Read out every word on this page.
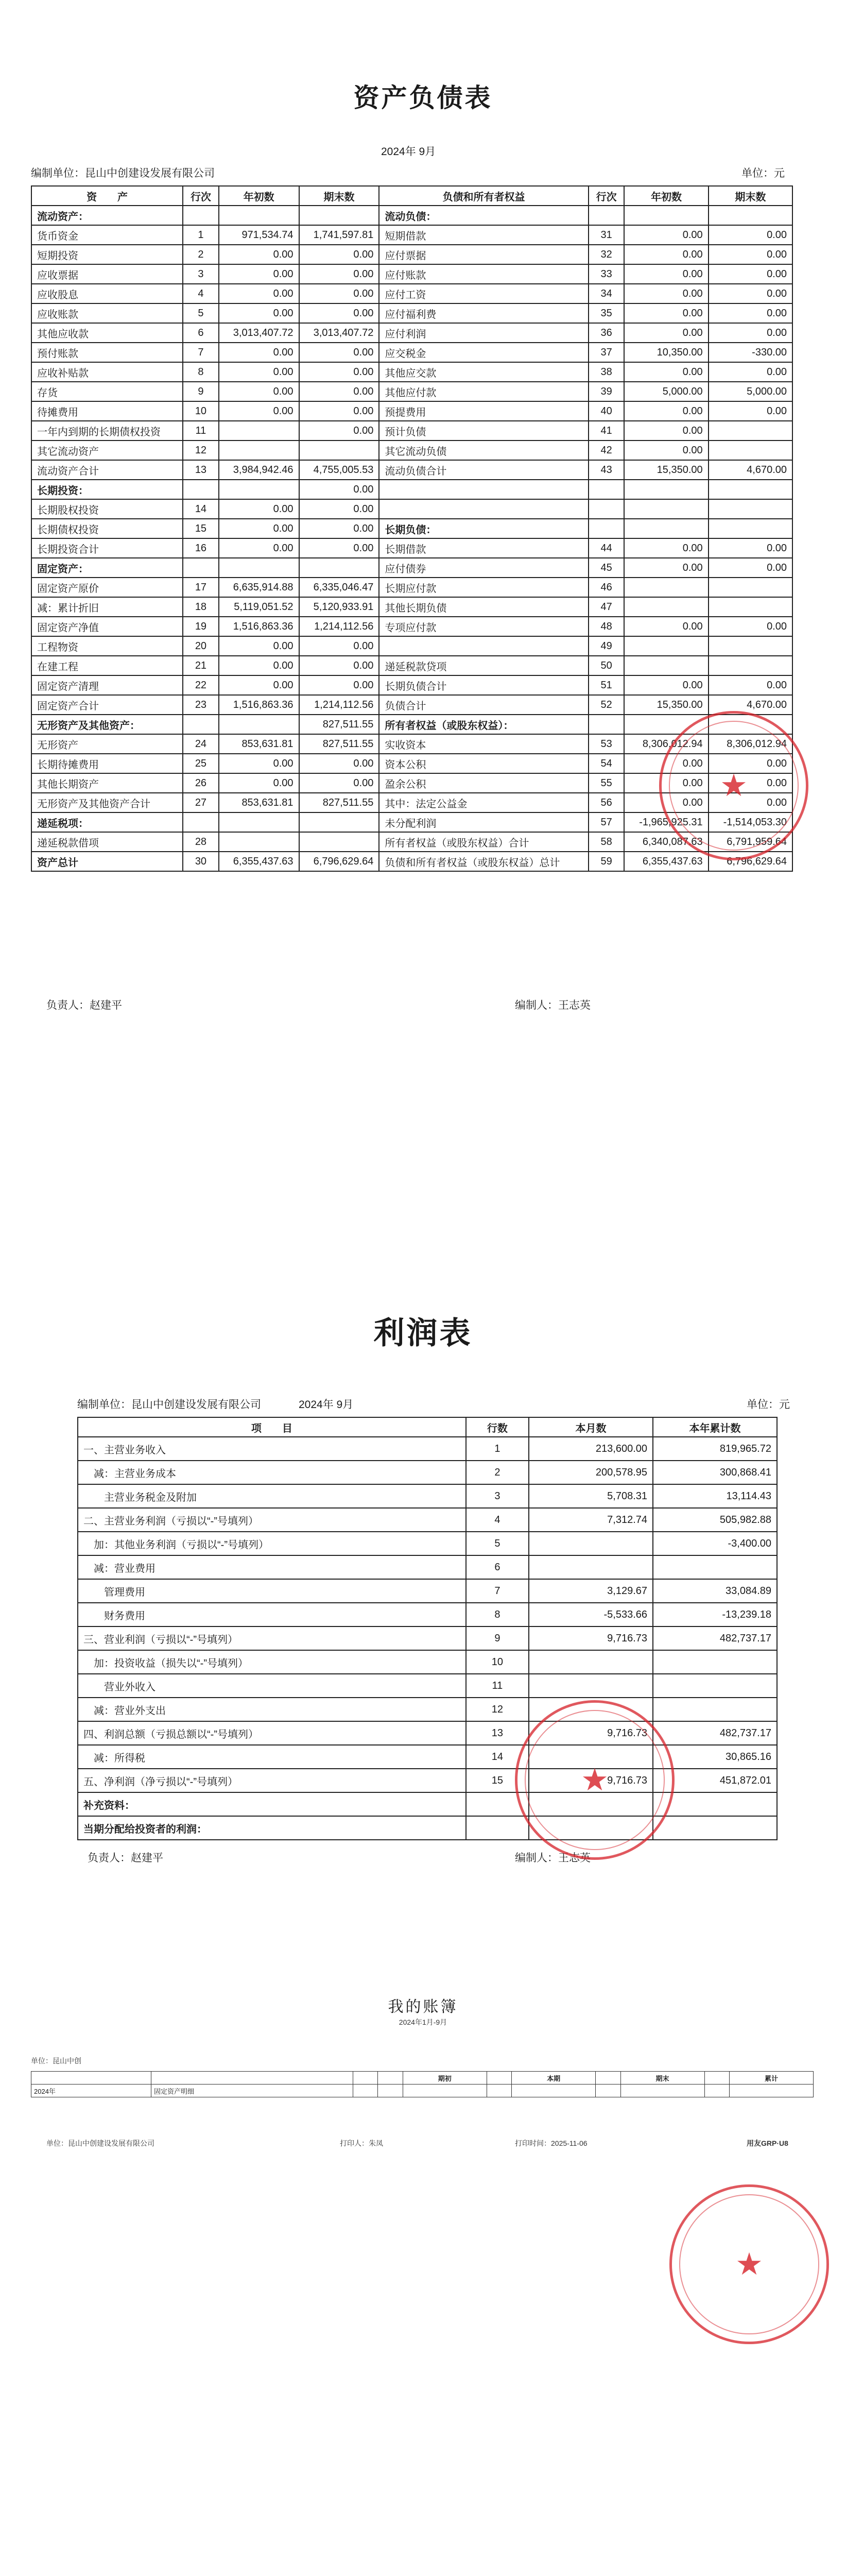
资产负债表
2024年 9月
编制单位：昆山中创建设发展有限公司	单位：元
资　　产	行次	年初数	期末数	负债和所有者权益	行次	年初数	期末数
流动资产：				流动负债：			
货币资金	1	971,534.74	1,741,597.81	短期借款	31	0.00	0.00
短期投资	2	0.00	0.00	应付票据	32	0.00	0.00
应收票据	3	0.00	0.00	应付账款	33	0.00	0.00
应收股息	4	0.00	0.00	应付工资	34	0.00	0.00
应收账款	5	0.00	0.00	应付福利费	35	0.00	0.00
其他应收款	6	3,013,407.72	3,013,407.72	应付利润	36	0.00	0.00
预付账款	7	0.00	0.00	应交税金	37	10,350.00	-330.00
应收补贴款	8	0.00	0.00	其他应交款	38	0.00	0.00
存货	9	0.00	0.00	其他应付款	39	5,000.00	5,000.00
待摊费用	10	0.00	0.00	预提费用	40	0.00	0.00
一年内到期的长期债权投资	11		0.00	预计负债	41	0.00	
其它流动资产	12			其它流动负债	42	0.00	
流动资产合计	13	3,984,942.46	4,755,005.53	流动负债合计	43	15,350.00	4,670.00
长期投资：			0.00				
长期股权投资	14	0.00	0.00				
长期债权投资	15	0.00	0.00	长期负债：			
长期投资合计	16	0.00	0.00	长期借款	44	0.00	0.00
固定资产：				应付债券	45	0.00	0.00
固定资产原价	17	6,635,914.88	6,335,046.47	长期应付款	46		
减：累计折旧	18	5,119,051.52	5,120,933.91	其他长期负债	47		
固定资产净值	19	1,516,863.36	1,214,112.56	专项应付款	48	0.00	0.00
工程物资	20	0.00	0.00		49		
在建工程	21	0.00	0.00	递延税款贷项	50		
固定资产清理	22	0.00	0.00	长期负债合计	51	0.00	0.00
固定资产合计	23	1,516,863.36	1,214,112.56	负债合计	52	15,350.00	4,670.00
无形资产及其他资产：			827,511.55	所有者权益（或股东权益）：			
无形资产	24	853,631.81	827,511.55	实收资本	53	8,306,012.94	8,306,012.94
长期待摊费用	25	0.00	0.00	资本公积	54	0.00	0.00
其他长期资产	26	0.00	0.00	盈余公积	55	0.00	0.00
无形资产及其他资产合计	27	853,631.81	827,511.55	其中：法定公益金	56	0.00	0.00
递延税项：				未分配利润	57	-1,965,925.31	-1,514,053.30
递延税款借项	28			所有者权益（或股东权益）合计	58	6,340,087.63	6,791,959.64
资产总计	30	6,355,437.63	6,796,629.64	负债和所有者权益（或股东权益）总计	59	6,355,437.63	6,796,629.64
负责人：赵建平	编制人：王志英
★
利润表
编制单位：昆山中创建设发展有限公司	2024年 9月	单位：元
项　　目	行数	本月数	本年累计数
一、主营业务收入	1	213,600.00	819,965.72
　减：主营业务成本	2	200,578.95	300,868.41
　　主营业务税金及附加	3	5,708.31	13,114.43
二、主营业务利润（亏损以“-”号填列）	4	7,312.74	505,982.88
　加：其他业务利润（亏损以“-”号填列）	5		-3,400.00
　减：营业费用	6		
　　管理费用	7	3,129.67	33,084.89
　　财务费用	8	-5,533.66	-13,239.18
三、营业利润（亏损以“-”号填列）	9	9,716.73	482,737.17
　加：投资收益（损失以“-”号填列）	10		
　　营业外收入	11		
　减：营业外支出	12		
四、利润总额（亏损总额以“-”号填列）	13	9,716.73	482,737.17
　减：所得税	14		30,865.16
五、净利润（净亏损以“-”号填列）	15	9,716.73	451,872.01
补充资料：			
当期分配给投资者的利润：			
负责人：赵建平	编制人：王志英
★
我的账簿
2024年1月-9月
单位：昆山中创
				期初		本期		期末		累计
2024年	固定资产明细									
单位：昆山中创建设发展有限公司	打印人：朱凤	打印时间：2025-11-06	用友GRP·U8
★
